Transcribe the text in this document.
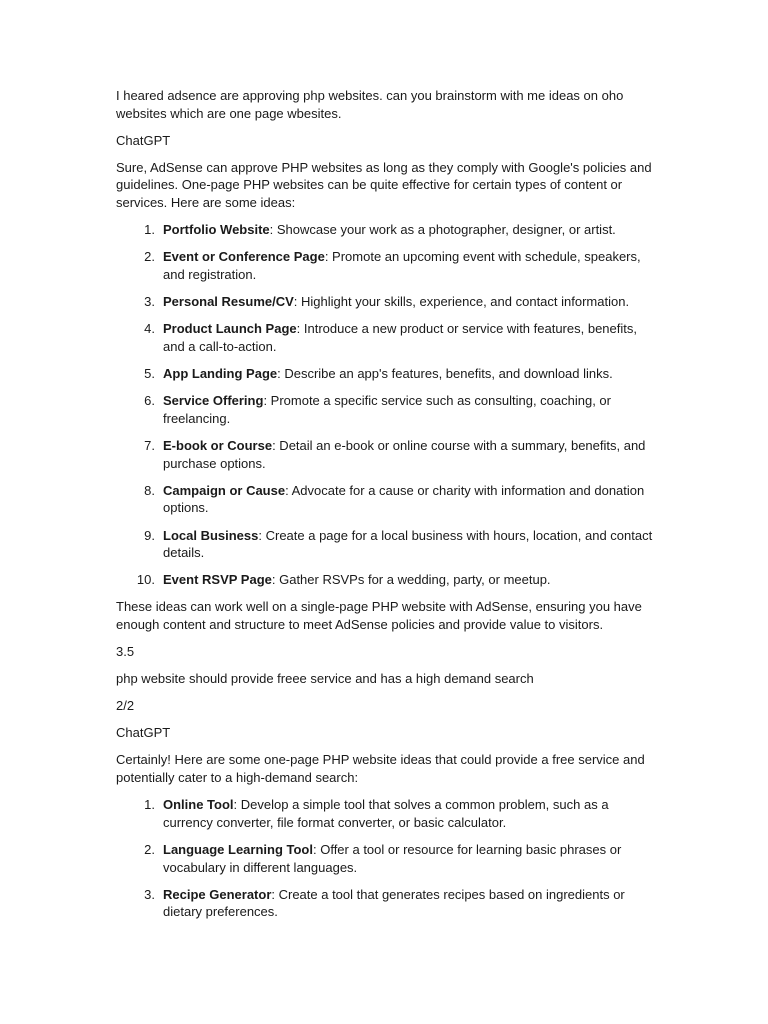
I heared adsence are approving php websites. can you brainstorm with me ideas on oho websites which are one page wbesites.

ChatGPT

Sure, AdSense can approve PHP websites as long as they comply with Google's policies and guidelines. One-page PHP websites can be quite effective for certain types of content or services. Here are some ideas:

1. Portfolio Website: Showcase your work as a photographer, designer, or artist.
2. Event or Conference Page: Promote an upcoming event with schedule, speakers, and registration.
3. Personal Resume/CV: Highlight your skills, experience, and contact information.
4. Product Launch Page: Introduce a new product or service with features, benefits, and a call-to-action.
5. App Landing Page: Describe an app's features, benefits, and download links.
6. Service Offering: Promote a specific service such as consulting, coaching, or freelancing.
7. E-book or Course: Detail an e-book or online course with a summary, benefits, and purchase options.
8. Campaign or Cause: Advocate for a cause or charity with information and donation options.
9. Local Business: Create a page for a local business with hours, location, and contact details.
10. Event RSVP Page: Gather RSVPs for a wedding, party, or meetup.

These ideas can work well on a single-page PHP website with AdSense, ensuring you have enough content and structure to meet AdSense policies and provide value to visitors.

3.5

php website should provide freee service and has a high demand search

2/2

ChatGPT

Certainly! Here are some one-page PHP website ideas that could provide a free service and potentially cater to a high-demand search:

1. Online Tool: Develop a simple tool that solves a common problem, such as a currency converter, file format converter, or basic calculator.
2. Language Learning Tool: Offer a tool or resource for learning basic phrases or vocabulary in different languages.
3. Recipe Generator: Create a tool that generates recipes based on ingredients or dietary preferences.
